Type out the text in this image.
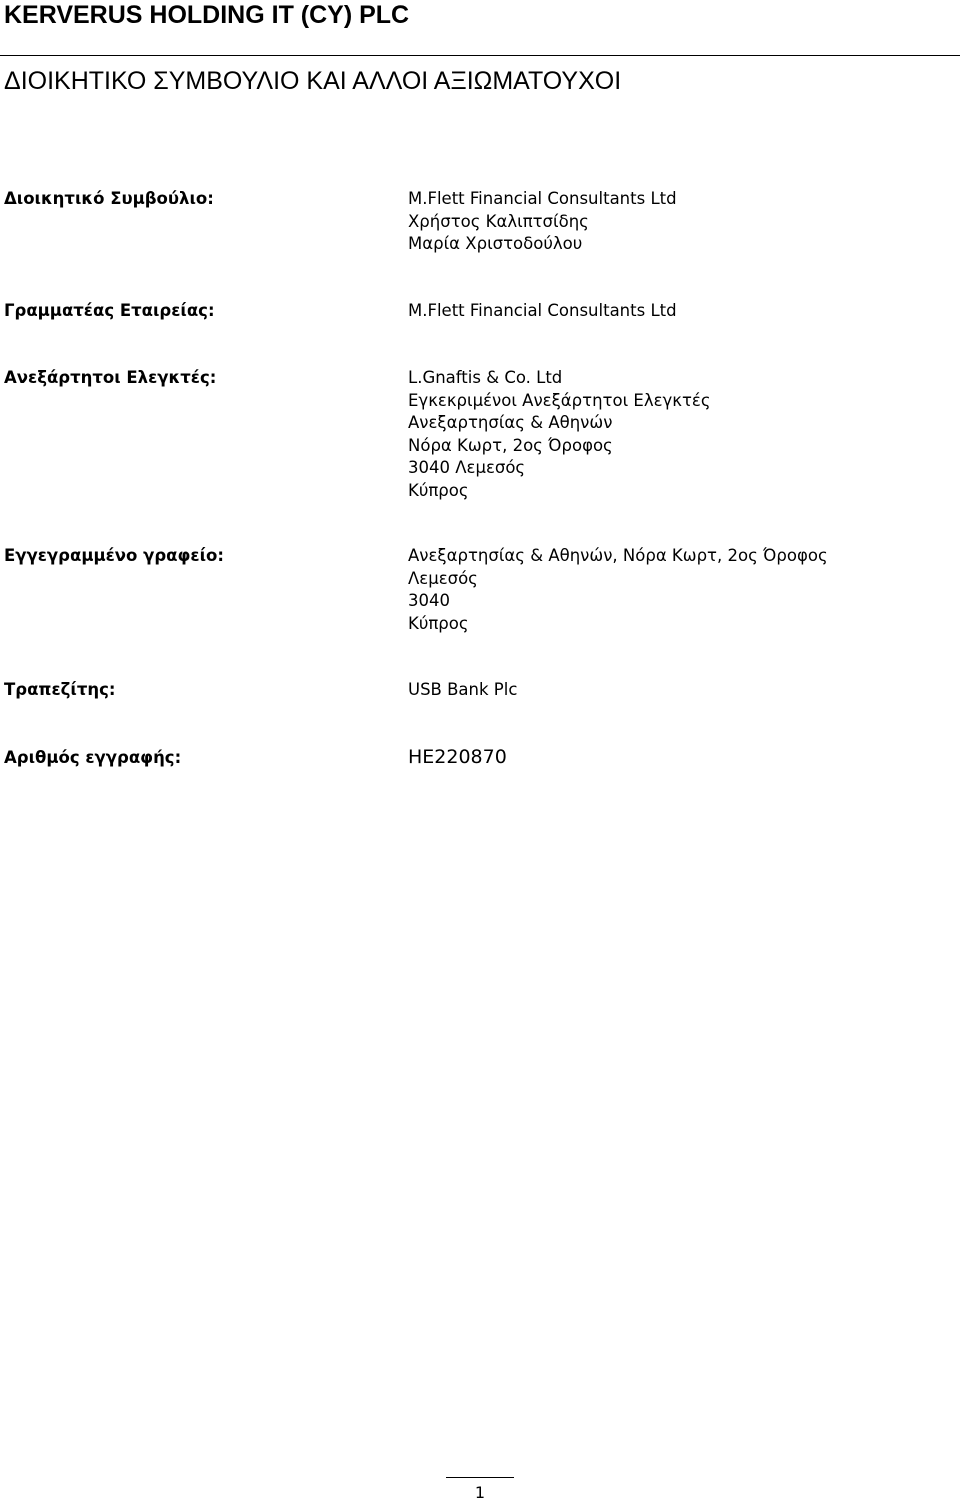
KERVERUS HOLDING IT (CY) PLC
ΔΙΟΙΚΗΤΙΚΟ ΣΥΜΒΟΥΛΙΟ ΚΑΙ ΑΛΛΟΙ ΑΞΙΩΜΑΤΟΥΧΟΙ
Διοικητικό Συμβούλιο:	M.Flett Financial Consultants Ltd
Χρήστος Καλιπτσίδης
Μαρία Χριστοδούλου
Γραμματέας Εταιρείας:	M.Flett Financial Consultants Ltd
Ανεξάρτητοι Ελεγκτές:	L.Gnaftis & Co. Ltd
Εγκεκριμένοι Ανεξάρτητοι Ελεγκτές
Ανεξαρτησίας & Αθηνών
Νόρα Κωρτ, 2ος Όροφος
3040 Λεμεσός
Κύπρος
Εγγεγραμμένο γραφείο:	Ανεξαρτησίας & Αθηνών, Νόρα Κωρτ, 2ος Όροφος
Λεμεσός
3040
Κύπρος
Τραπεζίτης:	USB Bank Plc
Αριθμός εγγραφής:	ΗΕ220870
1
